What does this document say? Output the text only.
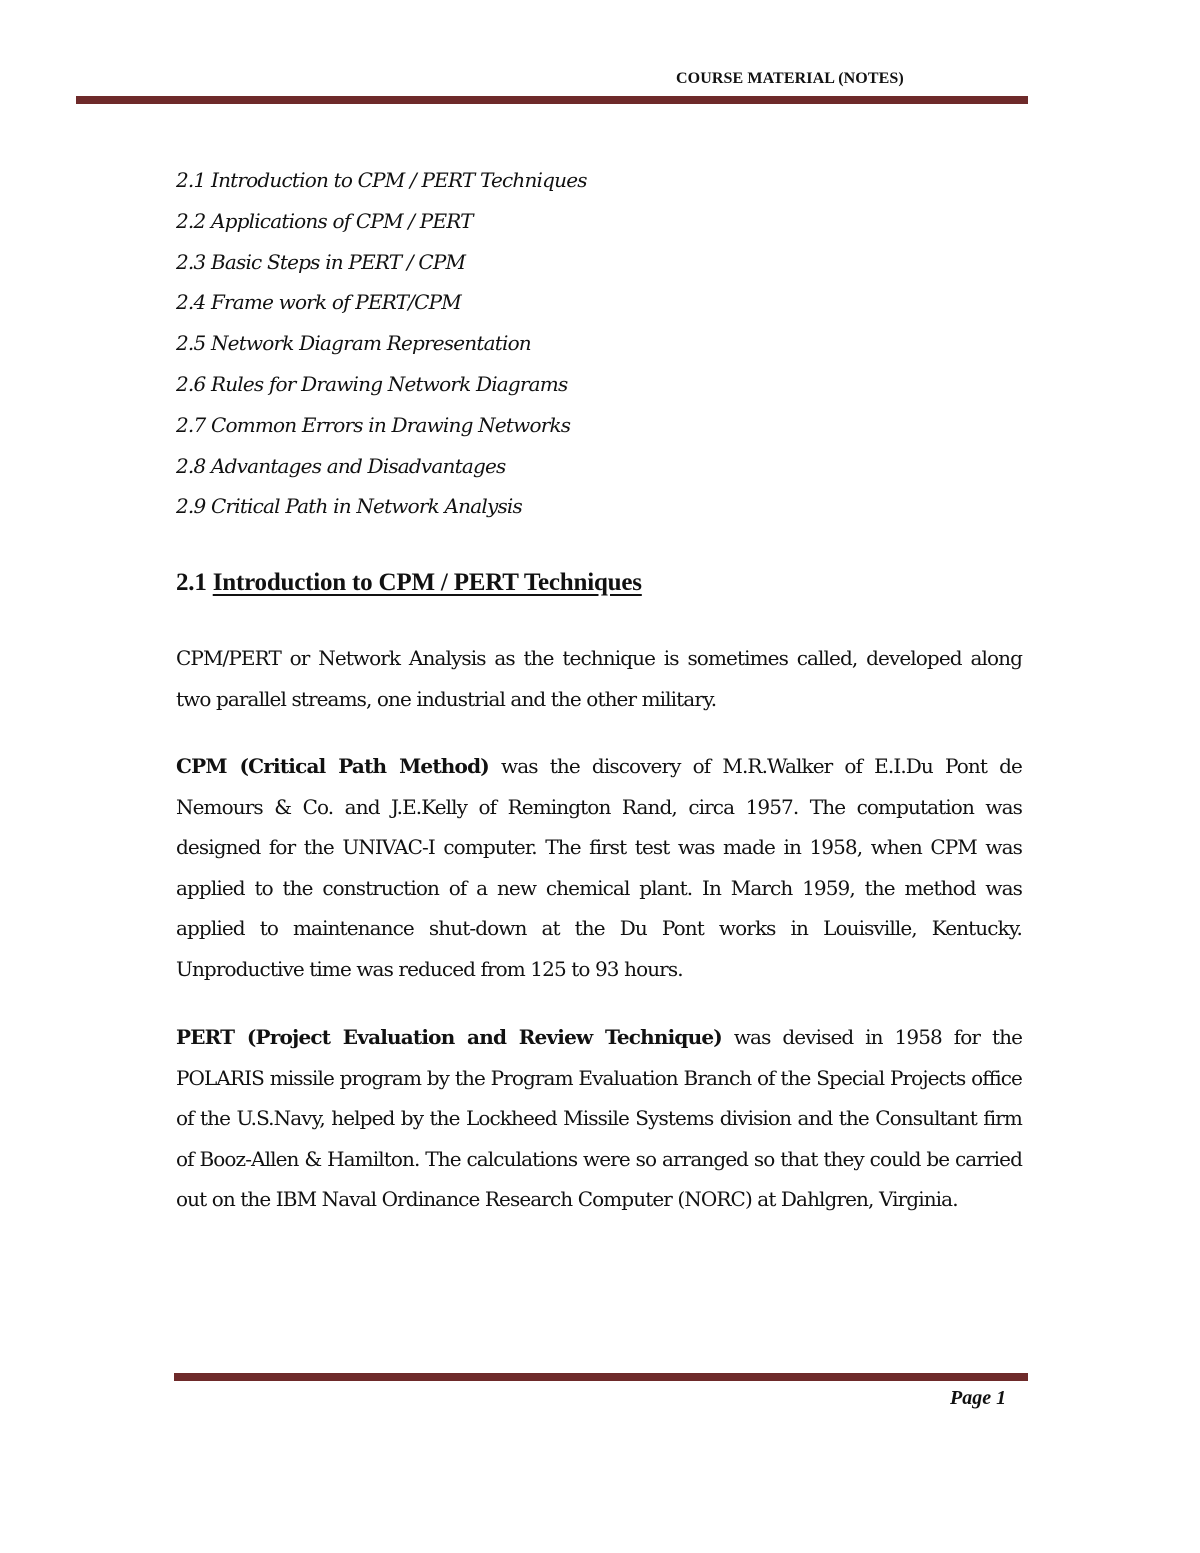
COURSE MATERIAL (NOTES)
2.1 Introduction to CPM / PERT Techniques
2.2 Applications of CPM / PERT
2.3 Basic Steps in PERT / CPM
2.4 Frame work of PERT/CPM
2.5 Network Diagram Representation
2.6 Rules for Drawing Network Diagrams
2.7 Common Errors in Drawing Networks
2.8 Advantages and Disadvantages
2.9 Critical Path in Network Analysis
2.1 Introduction to CPM / PERT Techniques

CPM/PERT or Network Analysis as the technique is sometimes called, developed along two parallel streams, one industrial and the other military.

CPM (Critical Path Method) was the discovery of M.R.Walker of E.I.Du Pont de Nemours & Co. and J.E.Kelly of Remington Rand, circa 1957. The computation was designed for the UNIVAC-I computer. The first test was made in 1958, when CPM was applied to the construction of a new chemical plant. In March 1959, the method was applied to maintenance shut-down at the Du Pont works in Louisville, Kentucky. Unproductive time was reduced from 125 to 93 hours.

PERT (Project Evaluation and Review Technique) was devised in 1958 for the POLARIS missile program by the Program Evaluation Branch of the Special Projects office of the U.S.Navy, helped by the Lockheed Missile Systems division and the Consultant firm of Booz-Allen & Hamilton. The calculations were so arranged so that they could be carried out on the IBM Naval Ordinance Research Computer (NORC) at Dahlgren, Virginia.

Page 1
